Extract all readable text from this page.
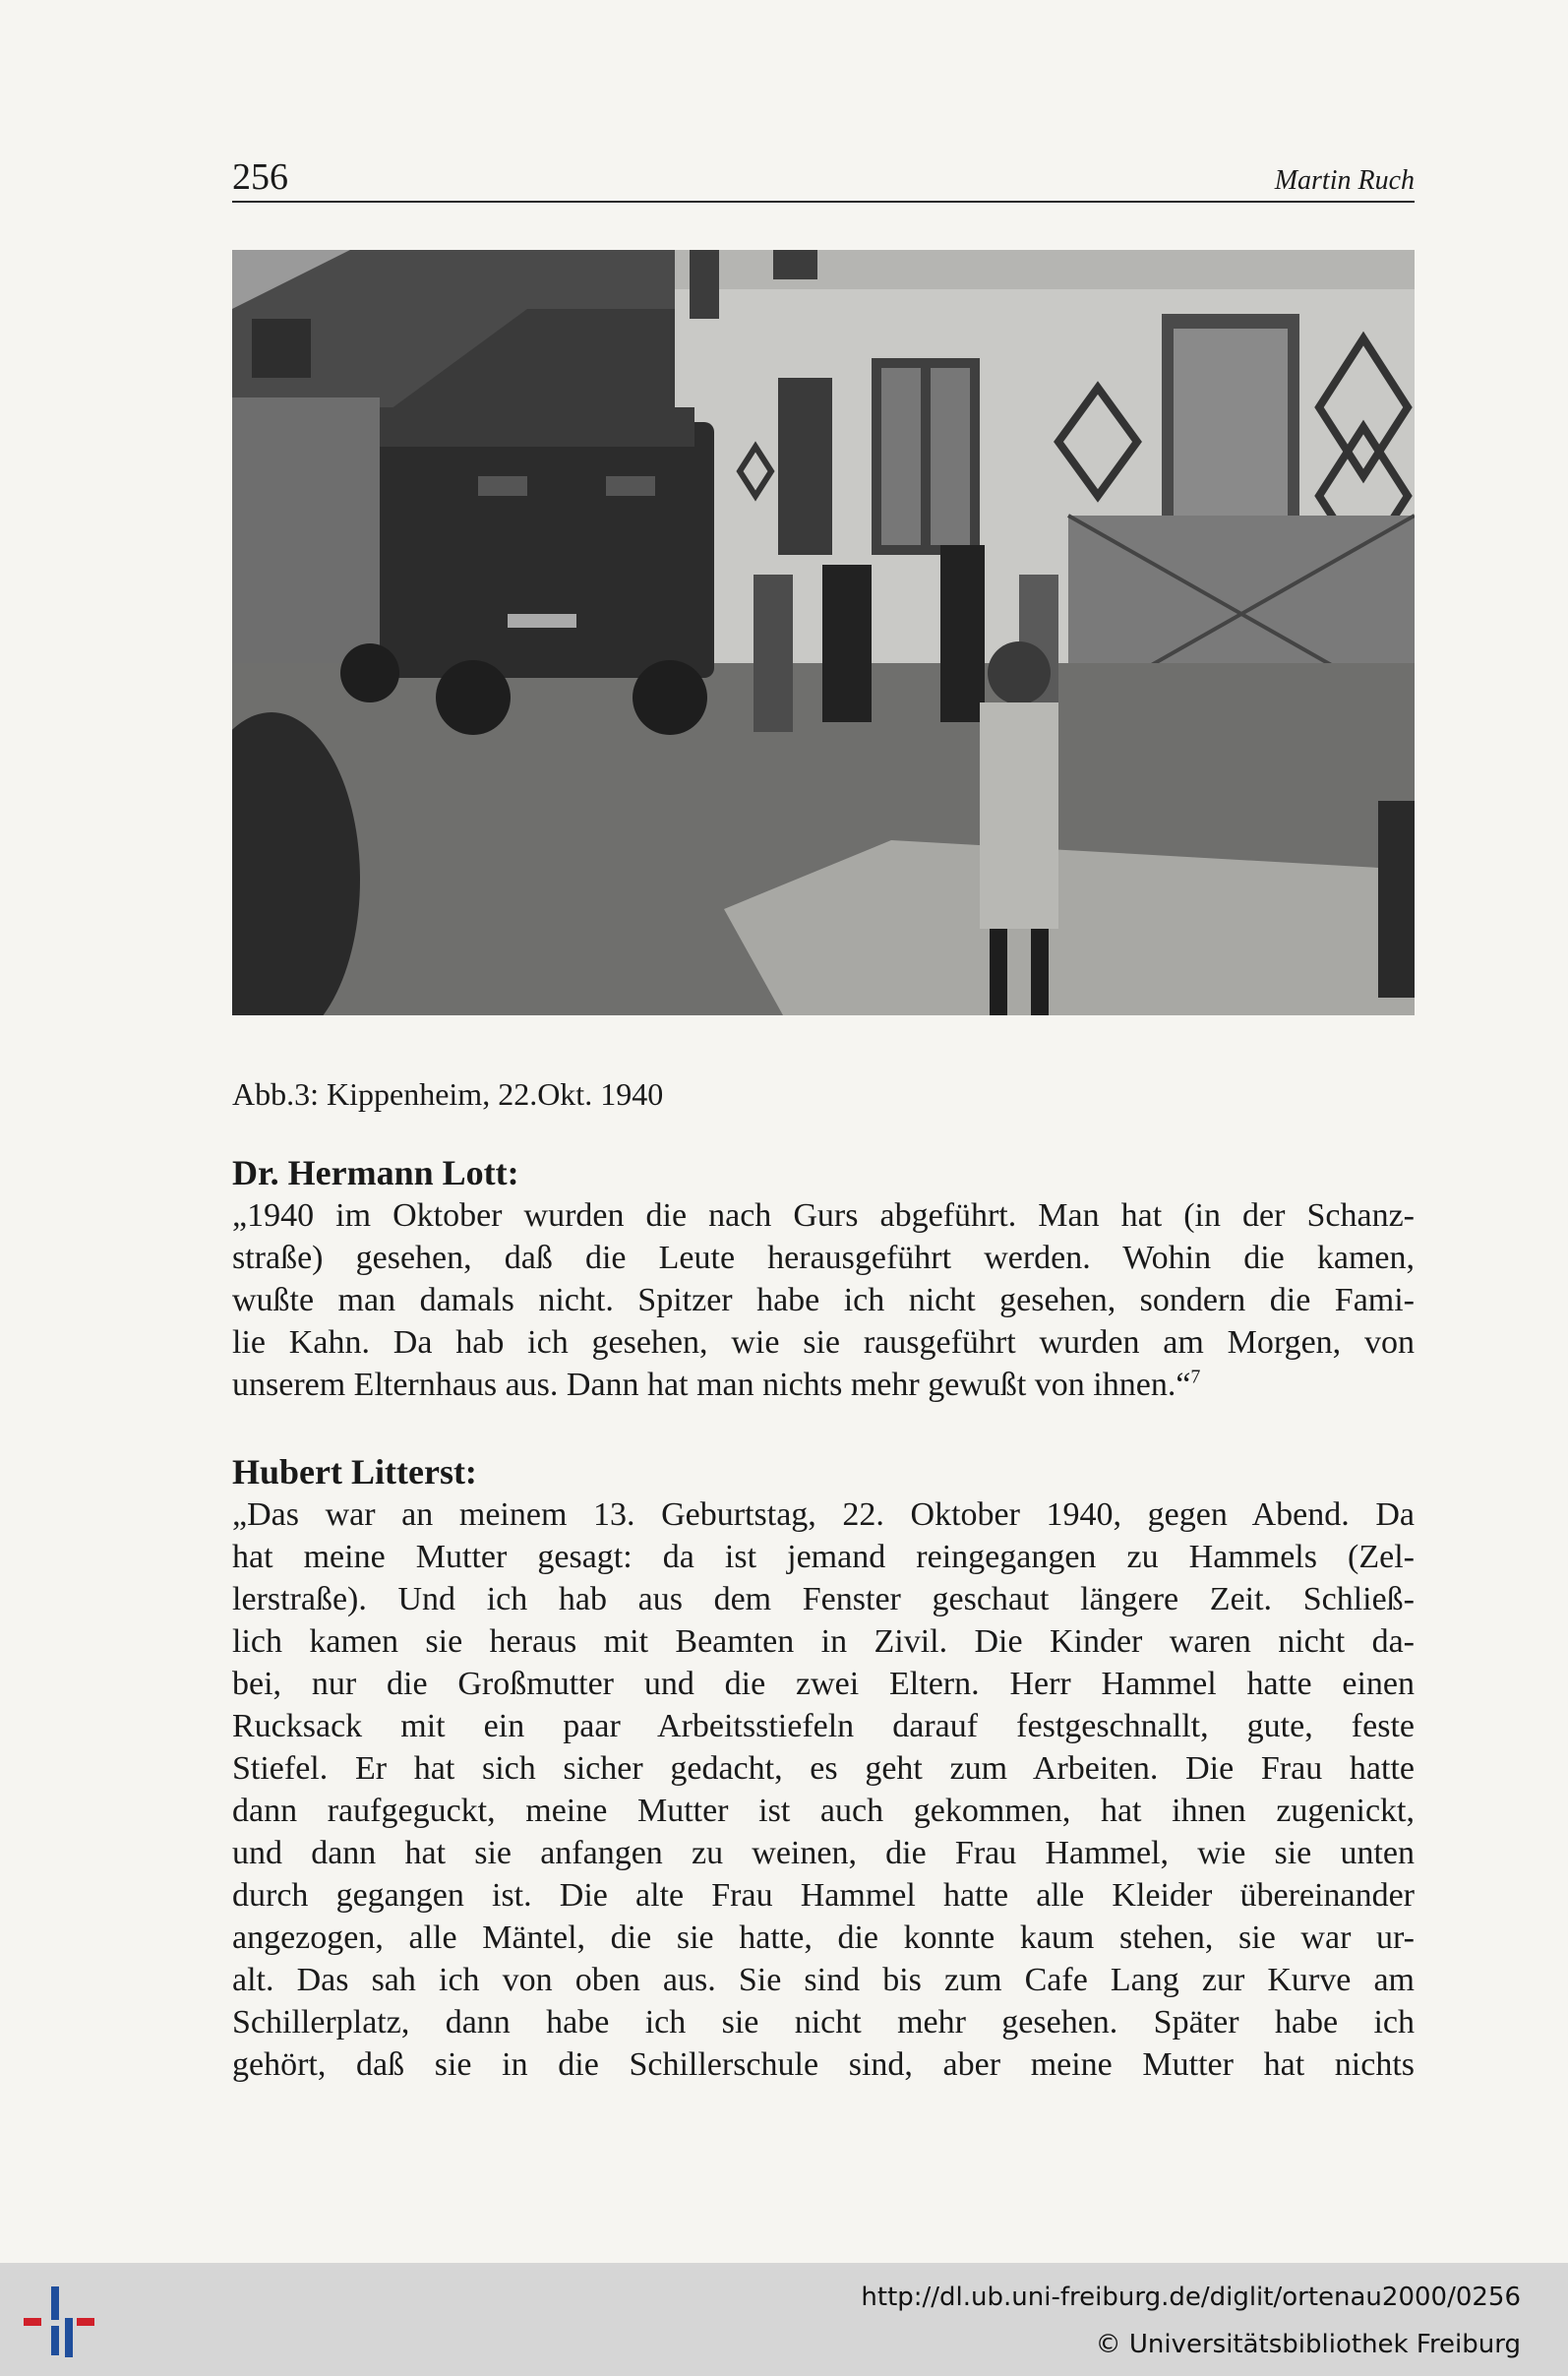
256	Martin Ruch
Abb.3: Kippenheim, 22.Okt. 1940

Dr. Hermann Lott:

„1940 im Oktober wurden die nach Gurs abgeführt. Man hat (in der Schanz-

straße) gesehen, daß die Leute herausgeführt werden. Wohin die kamen,

wußte man damals nicht. Spitzer habe ich nicht gesehen, sondern die Fami-

lie Kahn. Da hab ich gesehen, wie sie rausgeführt wurden am Morgen, von

unserem Elternhaus aus. Dann hat man nichts mehr gewußt von ihnen.“$^7$

Hubert Litterst:

„Das war an meinem 13. Geburtstag, 22. Oktober 1940, gegen Abend. Da

hat meine Mutter gesagt: da ist jemand reingegangen zu Hammels (Zel-

lerstraße). Und ich hab aus dem Fenster geschaut längere Zeit. Schließ-

lich kamen sie heraus mit Beamten in Zivil. Die Kinder waren nicht da-

bei, nur die Großmutter und die zwei Eltern. Herr Hammel hatte einen

Rucksack mit ein paar Arbeitsstiefeln darauf festgeschnallt, gute, feste

Stiefel. Er hat sich sicher gedacht, es geht zum Arbeiten. Die Frau hatte

dann raufgeguckt, meine Mutter ist auch gekommen, hat ihnen zugenickt,

und dann hat sie anfangen zu weinen, die Frau Hammel, wie sie unten

durch gegangen ist. Die alte Frau Hammel hatte alle Kleider übereinander

angezogen, alle Mäntel, die sie hatte, die konnte kaum stehen, sie war ur-

alt. Das sah ich von oben aus. Sie sind bis zum Cafe Lang zur Kurve am

Schillerplatz, dann habe ich sie nicht mehr gesehen. Später habe ich

gehört, daß sie in die Schillerschule sind, aber meine Mutter hat nichts

http://dl.ub.uni-freiburg.de/diglit/ortenau2000/0256
© Universitätsbibliothek Freiburg
